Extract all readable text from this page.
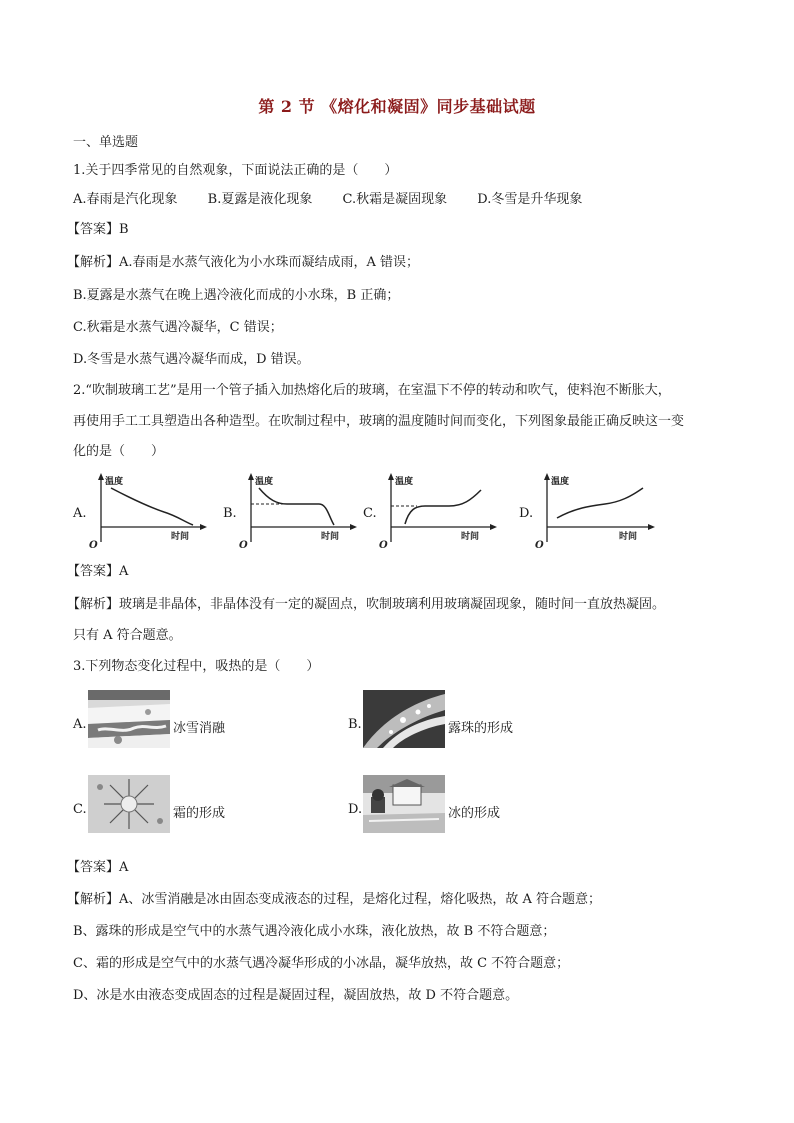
第 2 节 《熔化和凝固》同步基础试题
一、单选题
1.关于四季常见的自然观象，下面说法正确的是（　　）
A.春雨是汽化现象 B.夏露是液化现象 C.秋霜是凝固现象 D.冬雪是升华现象
【答案】B
【解析】A.春雨是水蒸气液化为小水珠而凝结成雨，A 错误；
B.夏露是水蒸气在晚上遇冷液化而成的小水珠，B 正确；
C.秋霜是水蒸气遇冷凝华，C 错误；
D.冬雪是水蒸气遇冷凝华而成，D 错误。
2.“吹制玻璃工艺”是用一个管子插入加热熔化后的玻璃，在室温下不停的转动和吹气，使料泡不断胀大，
再使用手工工具塑造出各种造型。在吹制过程中，玻璃的温度随时间而变化，下列图象最能正确反映这一变
化的是（　　）
A.
温度
时间
O
B.
温度
时间
O
C.
温度
时间
O
D.
温度
时间
O
【答案】A
【解析】玻璃是非晶体，非晶体没有一定的凝固点，吹制玻璃利用玻璃凝固现象，随时间一直放热凝固。
只有 A 符合题意。
3.下列物态变化过程中，吸热的是（　　）
A.	冰雪消融	B.	露珠的形成
C.	霜的形成	D.	冰的形成
【答案】A
【解析】A、冰雪消融是冰由固态变成液态的过程，是熔化过程，熔化吸热，故 A 符合题意；
B、露珠的形成是空气中的水蒸气遇冷液化成小水珠，液化放热，故 B 不符合题意；
C、霜的形成是空气中的水蒸气遇冷凝华形成的小冰晶，凝华放热，故 C 不符合题意；
D、冰是水由液态变成固态的过程是凝固过程，凝固放热，故 D 不符合题意。
